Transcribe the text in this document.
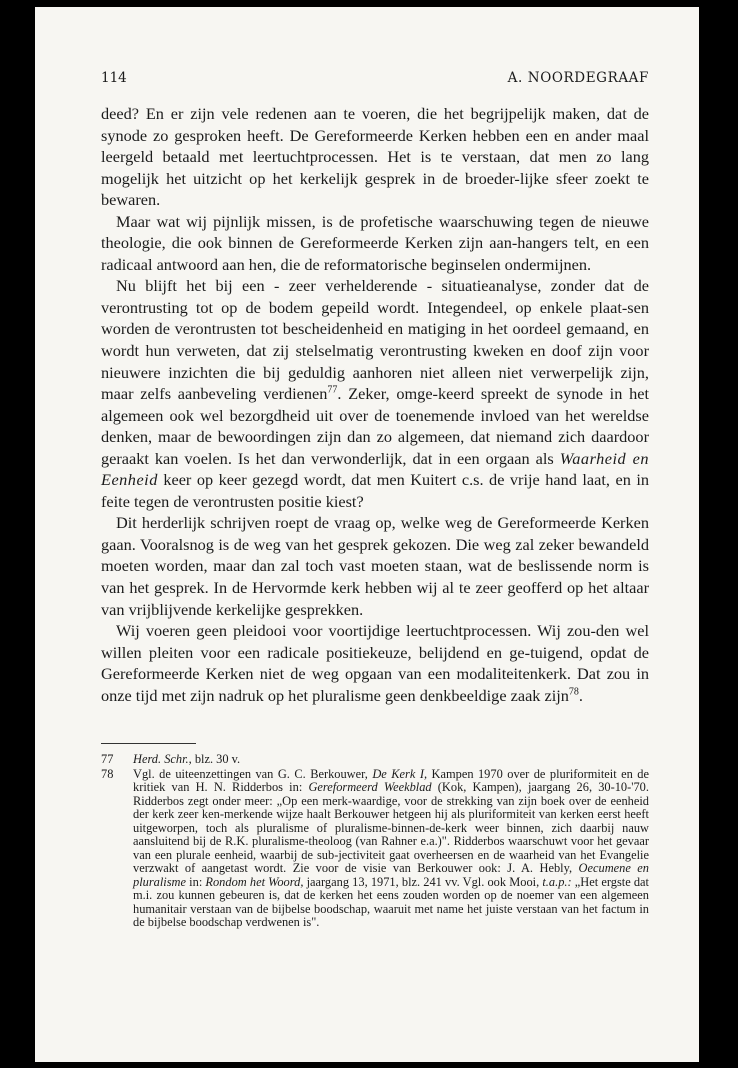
114	A. NOORDEGRAAF

deed? En er zijn vele redenen aan te voeren, die het begrijpelijk maken, dat de synode zo gesproken heeft. De Gereformeerde Kerken hebben een en ander maal leergeld betaald met leertuchtprocessen. Het is te verstaan, dat men zo lang mogelijk het uitzicht op het kerkelijk gesprek in de broeder-lijke sfeer zoekt te bewaren.

Maar wat wij pijnlijk missen, is de profetische waarschuwing tegen de nieuwe theologie, die ook binnen de Gereformeerde Kerken zijn aan-hangers telt, en een radicaal antwoord aan hen, die de reformatorische beginselen ondermijnen.

Nu blijft het bij een - zeer verhelderende - situatieanalyse, zonder dat de verontrusting tot op de bodem gepeild wordt. Integendeel, op enkele plaat-sen worden de verontrusten tot bescheidenheid en matiging in het oordeel gemaand, en wordt hun verweten, dat zij stelselmatig verontrusting kweken en doof zijn voor nieuwere inzichten die bij geduldig aanhoren niet alleen niet verwerpelijk zijn, maar zelfs aanbeveling verdienen$^{77}$. Zeker, omge-keerd spreekt de synode in het algemeen ook wel bezorgdheid uit over de toenemende invloed van het wereldse denken, maar de bewoordingen zijn dan zo algemeen, dat niemand zich daardoor geraakt kan voelen. Is het dan verwonderlijk, dat in een orgaan als Waarheid en Eenheid keer op keer gezegd wordt, dat men Kuitert c.s. de vrije hand laat, en in feite tegen de verontrusten positie kiest?

Dit herderlijk schrijven roept de vraag op, welke weg de Gereformeerde Kerken gaan. Vooralsnog is de weg van het gesprek gekozen. Die weg zal zeker bewandeld moeten worden, maar dan zal toch vast moeten staan, wat de beslissende norm is van het gesprek. In de Hervormde kerk hebben wij al te zeer geofferd op het altaar van vrijblijvende kerkelijke gesprekken.

Wij voeren geen pleidooi voor voortijdige leertuchtprocessen. Wij zou-den wel willen pleiten voor een radicale positiekeuze, belijdend en ge-tuigend, opdat de Gereformeerde Kerken niet de weg opgaan van een modaliteitenkerk. Dat zou in onze tijd met zijn nadruk op het pluralisme geen denkbeeldige zaak zijn$^{78}$.

77 Herd. Schr., blz. 30 v.
78 Vgl. de uiteenzettingen van G. C. Berkouwer, De Kerk I, Kampen 1970 over de pluriformiteit en de kritiek van H. N. Ridderbos in: Gereformeerd Weekblad (Kok, Kampen), jaargang 26, 30-10-'70. Ridderbos zegt onder meer: „Op een merk-waardige, voor de strekking van zijn boek over de eenheid der kerk zeer ken-merkende wijze haalt Berkouwer hetgeen hij als pluriformiteit van kerken eerst heeft uitgeworpen, toch als pluralisme of pluralisme-binnen-de-kerk weer binnen, zich daarbij nauw aansluitend bij de R.K. pluralisme-theoloog (van Rahner e.a.)". Ridderbos waarschuwt voor het gevaar van een plurale eenheid, waarbij de sub-jectiviteit gaat overheersen en de waarheid van het Evangelie verzwakt of aangetast wordt. Zie voor de visie van Berkouwer ook: J. A. Hebly, Oecumene en pluralisme in: Rondom het Woord, jaargang 13, 1971, blz. 241 vv. Vgl. ook Mooi, t.a.p.: „Het ergste dat m.i. zou kunnen gebeuren is, dat de kerken het eens zouden worden op de noemer van een algemeen humanitair verstaan van de bijbelse boodschap, waaruit met name het juiste verstaan van het factum in de bijbelse boodschap verdwenen is".
